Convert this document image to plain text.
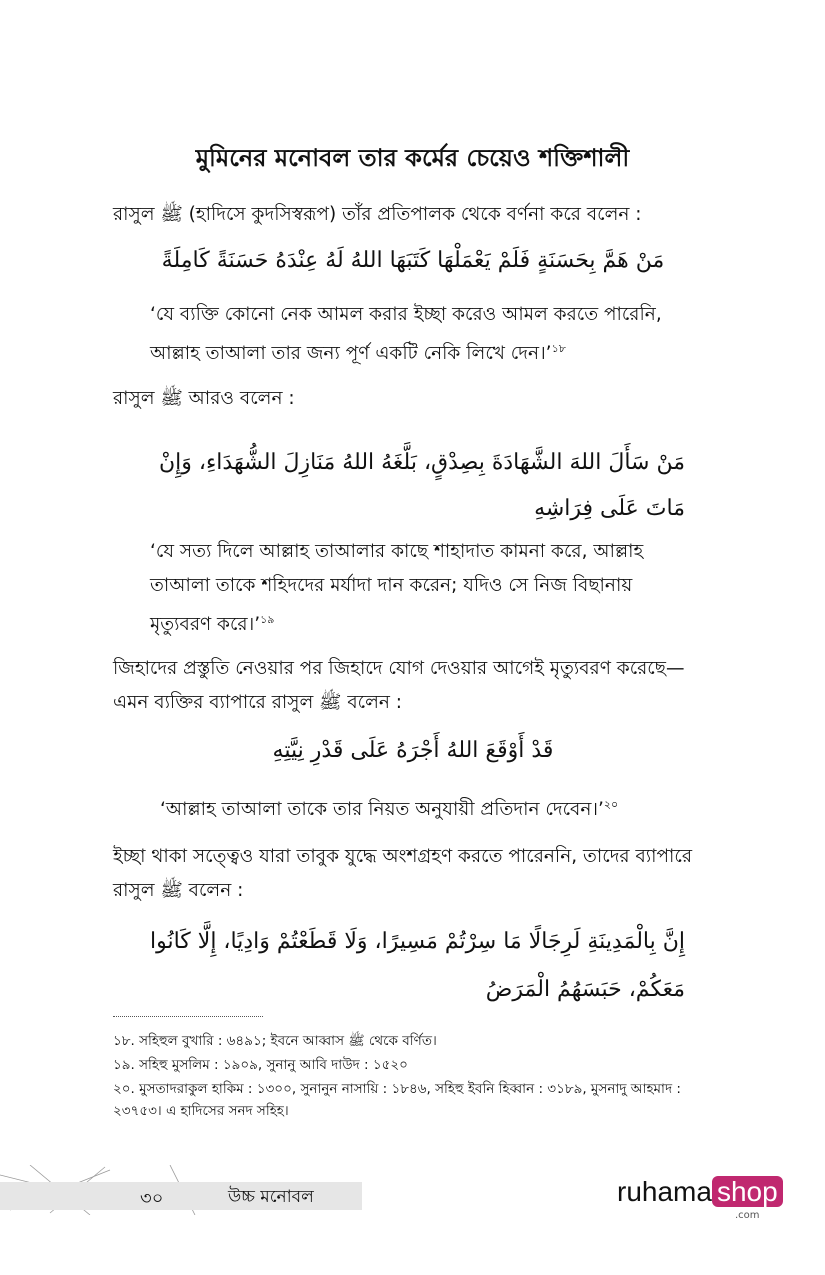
মুমিনের মনোবল তার কর্মের চেয়েও শক্তিশালী
রাসুল ﷺ (হাদিসে কুদসিস্বরূপ) তাঁর প্রতিপালক থেকে বর্ণনা করে বলেন :
مَنْ هَمَّ بِحَسَنَةٍ فَلَمْ يَعْمَلْهَا كَتَبَهَا اللهُ لَهُ عِنْدَهُ حَسَنَةً كَامِلَةً
‘যে ব্যক্তি কোনো নেক আমল করার ইচ্ছা করেও আমল করতে পারেনি, আল্লাহ তাআলা তার জন্য পূর্ণ একটি নেকি লিখে দেন।’$^{১৮}$
রাসুল ﷺ আরও বলেন :
مَنْ سَأَلَ اللهَ الشَّهَادَةَ بِصِدْقٍ، بَلَّغَهُ اللهُ مَنَازِلَ الشُّهَدَاءِ، وَإِنْ مَاتَ عَلَى فِرَاشِهِ
‘যে সত্য দিলে আল্লাহ তাআলার কাছে শাহাদাত কামনা করে, আল্লাহ তাআলা তাকে শহিদদের মর্যাদা দান করেন; যদিও সে নিজ বিছানায় মৃত্যুবরণ করে।’$^{১৯}$
জিহাদের প্রস্তুতি নেওয়ার পর জিহাদে যোগ দেওয়ার আগেই মৃত্যুবরণ করেছে—এমন ব্যক্তির ব্যাপারে রাসুল ﷺ বলেন :
قَدْ أَوْقَعَ اللهُ أَجْرَهُ عَلَى قَدْرِ نِيَّتِهِ
‘আল্লাহ তাআলা তাকে তার নিয়ত অনুযায়ী প্রতিদান দেবেন।’$^{২০}$
ইচ্ছা থাকা সত্ত্বেও যারা তাবুক যুদ্ধে অংশগ্রহণ করতে পারেননি, তাদের ব্যাপারে রাসুল ﷺ বলেন :
إِنَّ بِالْمَدِينَةِ لَرِجَالًا مَا سِرْتُمْ مَسِيرًا، وَلَا قَطَعْتُمْ وَادِيًا، إِلَّا كَانُوا مَعَكُمْ، حَبَسَهُمُ الْمَرَضُ
১৮. সহিহুল বুখারি : ৬৪৯১; ইবনে আব্বাস ﷺ থেকে বর্ণিত।
১৯. সহিহু মুসলিম : ১৯০৯, সুনানু আবি দাউদ : ১৫২০
২০. মুসতাদরাকুল হাকিম : ১৩০০, সুনানুন নাসায়ি : ১৮৪৬, সহিহু ইবনি হিব্বান : ৩১৮৯, মুসনাদু আহমাদ : ২৩৭৫৩। এ হাদিসের সনদ সহিহ।
৩০	উচ্চ মনোবল	ruhama shop
.com
